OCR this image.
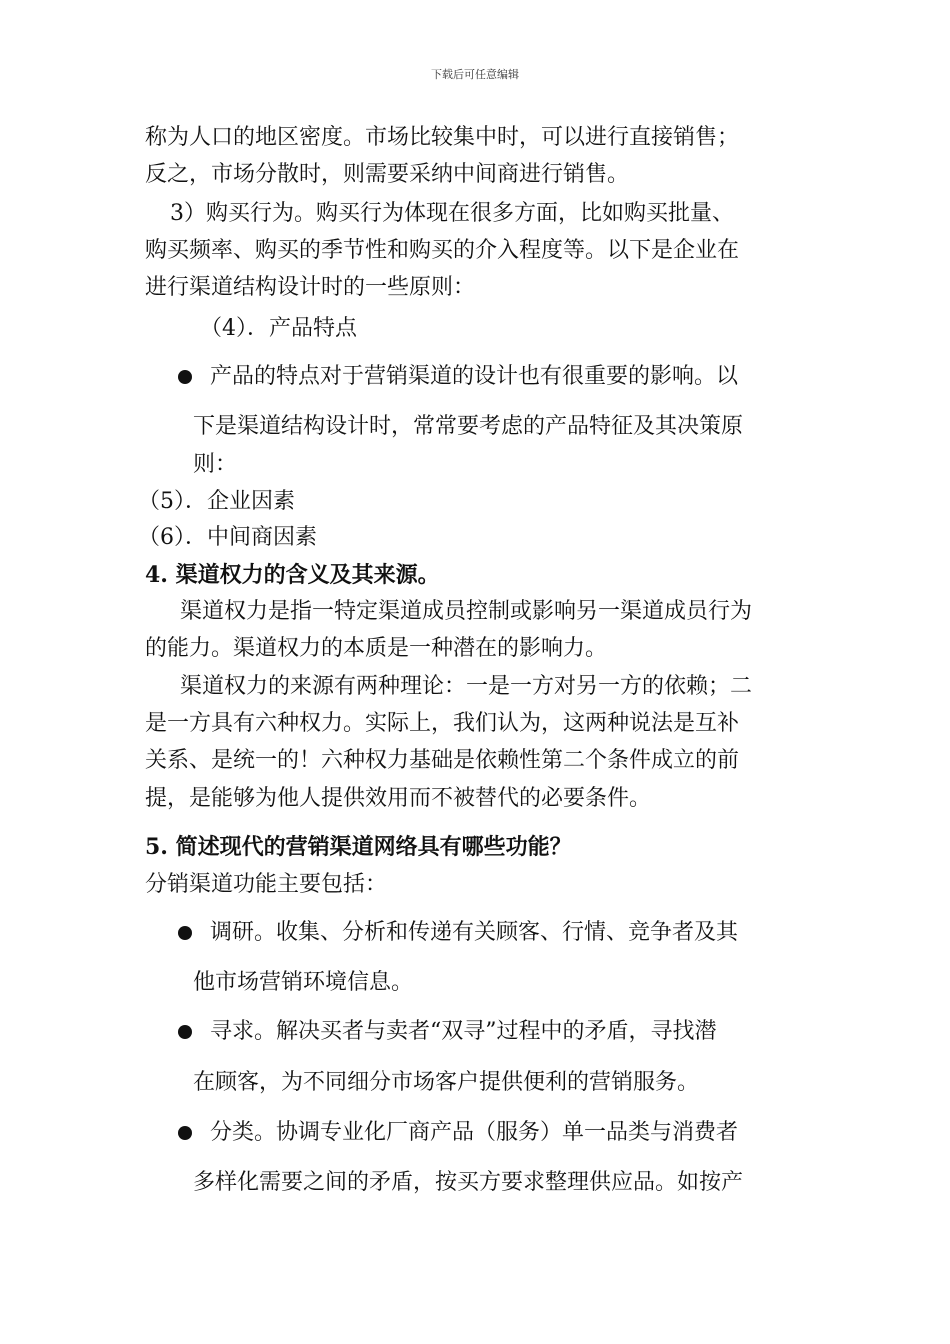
下载后可任意编辑
称为人口的地区密度。市场比较集中时，可以进行直接销售；
反之，市场分散时，则需要采纳中间商进行销售。
3）购买行为。购买行为体现在很多方面，比如购买批量、
购买频率、购买的季节性和购买的介入程度等。以下是企业在
进行渠道结构设计时的一些原则：
（4）．产品特点
产品的特点对于营销渠道的设计也有很重要的影响。以
下是渠道结构设计时，常常要考虑的产品特征及其决策原
则：
（5）．企业因素
（6）．中间商因素
4. 渠道权力的含义及其来源。
渠道权力是指一特定渠道成员控制或影响另一渠道成员行为
的能力。渠道权力的本质是一种潜在的影响力。
渠道权力的来源有两种理论：一是一方对另一方的依赖；二
是一方具有六种权力。实际上，我们认为，这两种说法是互补
关系、是统一的！六种权力基础是依赖性第二个条件成立的前
提，是能够为他人提供效用而不被替代的必要条件。
5. 简述现代的营销渠道网络具有哪些功能？
分销渠道功能主要包括：
调研。收集、分析和传递有关顾客、行情、竞争者及其
他市场营销环境信息。
寻求。解决买者与卖者“双寻”过程中的矛盾，寻找潜
在顾客，为不同细分市场客户提供便利的营销服务。
分类。协调专业化厂商产品（服务）单一品类与消费者
多样化需要之间的矛盾，按买方要求整理供应品。如按产
